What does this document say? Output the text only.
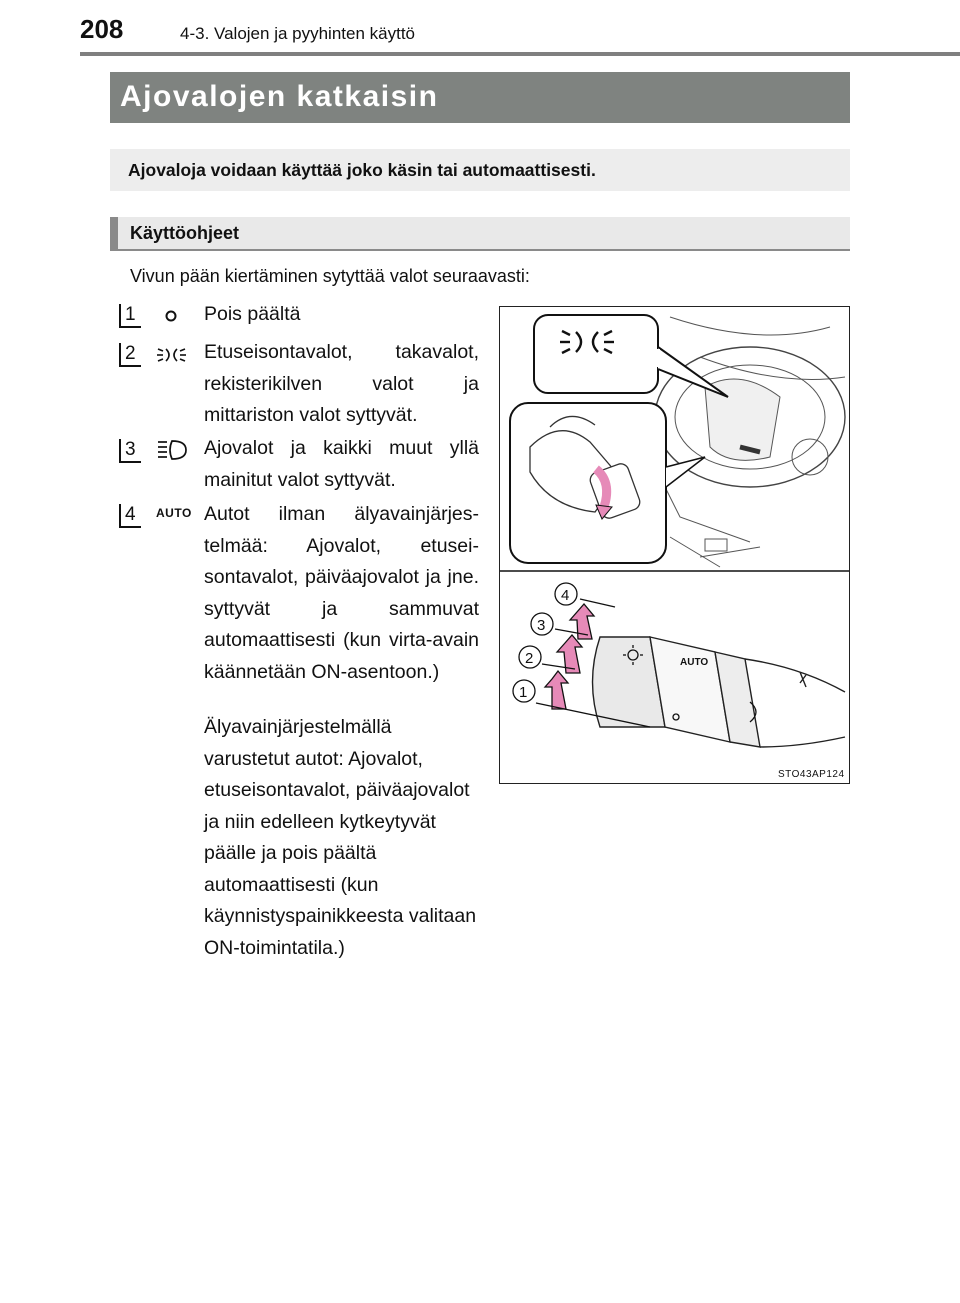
208	4-3. Valojen ja pyyhinten käyttö
Ajovalojen katkaisin
Ajovaloja voidaan käyttää joko käsin tai automaattisesti.
Käyttöohjeet
Vivun pään kiertäminen sytyttää valot seuraavasti:
1	Pois päältä
2	Etuseisontavalot, takavalot, rekisterikilven valot ja mittariston valot syttyvät.
3	Ajovalot ja kaikki muut yllä mainitut valot syttyvät.
4	AUTO Autot ilman älyavainjärjestelmää: Ajovalot, etuseisontavalot, päiväajovalot ja jne. syttyvät ja sammuvat automaattisesti (kun virta-avain käännetään ON-asentoon.)
Älyavainjärjestelmällä varustetut autot: Ajovalot, etuseisontavalot, päiväajovalot ja niin edelleen kytkeytyvät päälle ja pois päältä automaattisesti (kun käynnistyspainikkeesta valitaan ON-toimintatila.)
AUTO
1
2
3
4
STO43AP124
